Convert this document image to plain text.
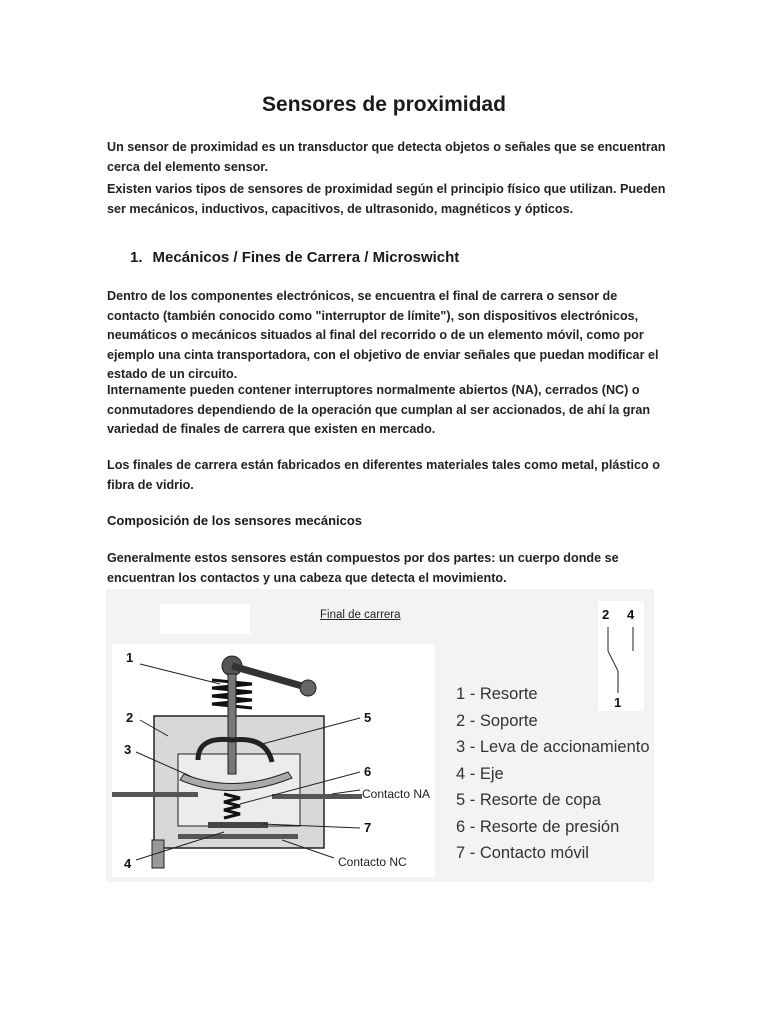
Sensores de proximidad
Un sensor de proximidad es un transductor que detecta objetos o señales que se encuentran cerca del elemento sensor.
Existen varios tipos de sensores de proximidad según el principio físico que utilizan. Pueden ser mecánicos, inductivos, capacitivos, de ultrasonido, magnéticos y ópticos.
1. Mecánicos / Fines de Carrera / Microswicht
Dentro de los componentes electrónicos, se encuentra el final de carrera o sensor de contacto (también conocido como "interruptor de límite"), son dispositivos electrónicos, neumáticos o mecánicos situados al final del recorrido o de un elemento móvil, como por ejemplo una cinta transportadora, con el objetivo de enviar señales que puedan modificar el estado de un circuito.
Internamente pueden contener interruptores normalmente abiertos (NA), cerrados (NC) o conmutadores dependiendo de la operación que cumplan al ser accionados, de ahí la gran variedad de finales de carrera que existen en mercado.
Los finales de carrera están fabricados en diferentes materiales tales como metal, plástico o fibra de vidrio.
Composición de los sensores mecánicos
Generalmente estos sensores están compuestos por dos partes: un cuerpo donde se encuentran los contactos y una cabeza que detecta el movimiento.
Final de carrera	2 4
1
1
2
3
4
5
6
7
Contacto NA
Contacto NC
1 - Resorte
2 - Soporte
3 - Leva de accionamiento
4 - Eje
5 - Resorte de copa
6 - Resorte de presión
7 - Contacto móvil
